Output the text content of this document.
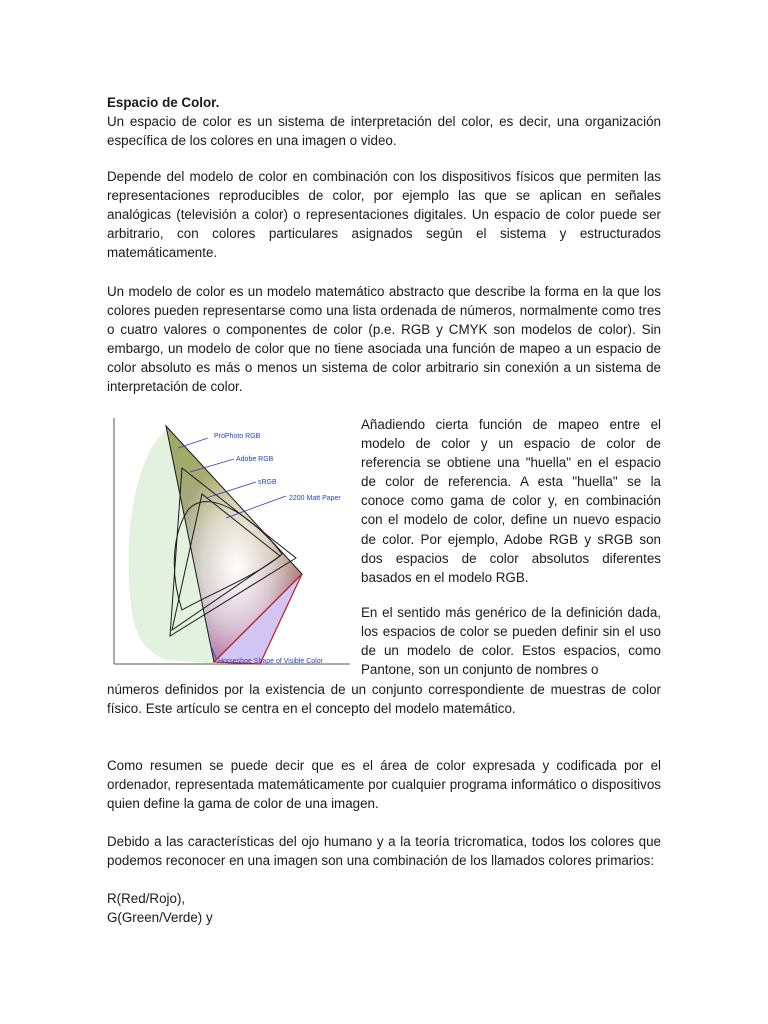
Espacio de Color.
Un espacio de color es un sistema de interpretación del color, es decir, una organización específica de los colores en una imagen o video.

Depende del modelo de color en combinación con los dispositivos físicos que permiten las representaciones reproducibles de color, por ejemplo las que se aplican en señales analógicas (televisión a color) o representaciones digitales. Un espacio de color puede ser arbitrario, con colores particulares asignados según el sistema y estructurados matemáticamente.

Un modelo de color es un modelo matemático abstracto que describe la forma en la que los colores pueden representarse como una lista ordenada de números, normalmente como tres o cuatro valores o componentes de color (p.e. RGB y CMYK son modelos de color). Sin embargo, un modelo de color que no tiene asociada una función de mapeo a un espacio de color absoluto es más o menos un sistema de color arbitrario sin conexión a un sistema de interpretación de color.

ProPhoto RGB
Adobe RGB
sRGB
2200 Matt Paper
Horseshoe Shape of Visible Color

Añadiendo cierta función de mapeo entre el modelo de color y un espacio de color de referencia se obtiene una "huella" en el espacio de color de referencia. A esta "huella" se la conoce como gama de color y, en combinación con el modelo de color, define un nuevo espacio de color. Por ejemplo, Adobe RGB y sRGB son dos espacios de color absolutos diferentes basados en el modelo RGB.

En el sentido más genérico de la definición dada, los espacios de color se pueden definir sin el uso de un modelo de color. Estos espacios, como Pantone, son un conjunto de nombres o

números definidos por la existencia de un conjunto correspondiente de muestras de color físico. Este artículo se centra en el concepto del modelo matemático.

Como resumen se puede decir que es el área de color expresada y codificada por el ordenador, representada matemáticamente por cualquier programa informático o dispositivos quien define la gama de color de una imagen.

Debido a las características del ojo humano y a la teoría tricromatica, todos los colores que podemos reconocer en una imagen son una combinación de los llamados colores primarios:

R(Red/Rojo),
G(Green/Verde) y
